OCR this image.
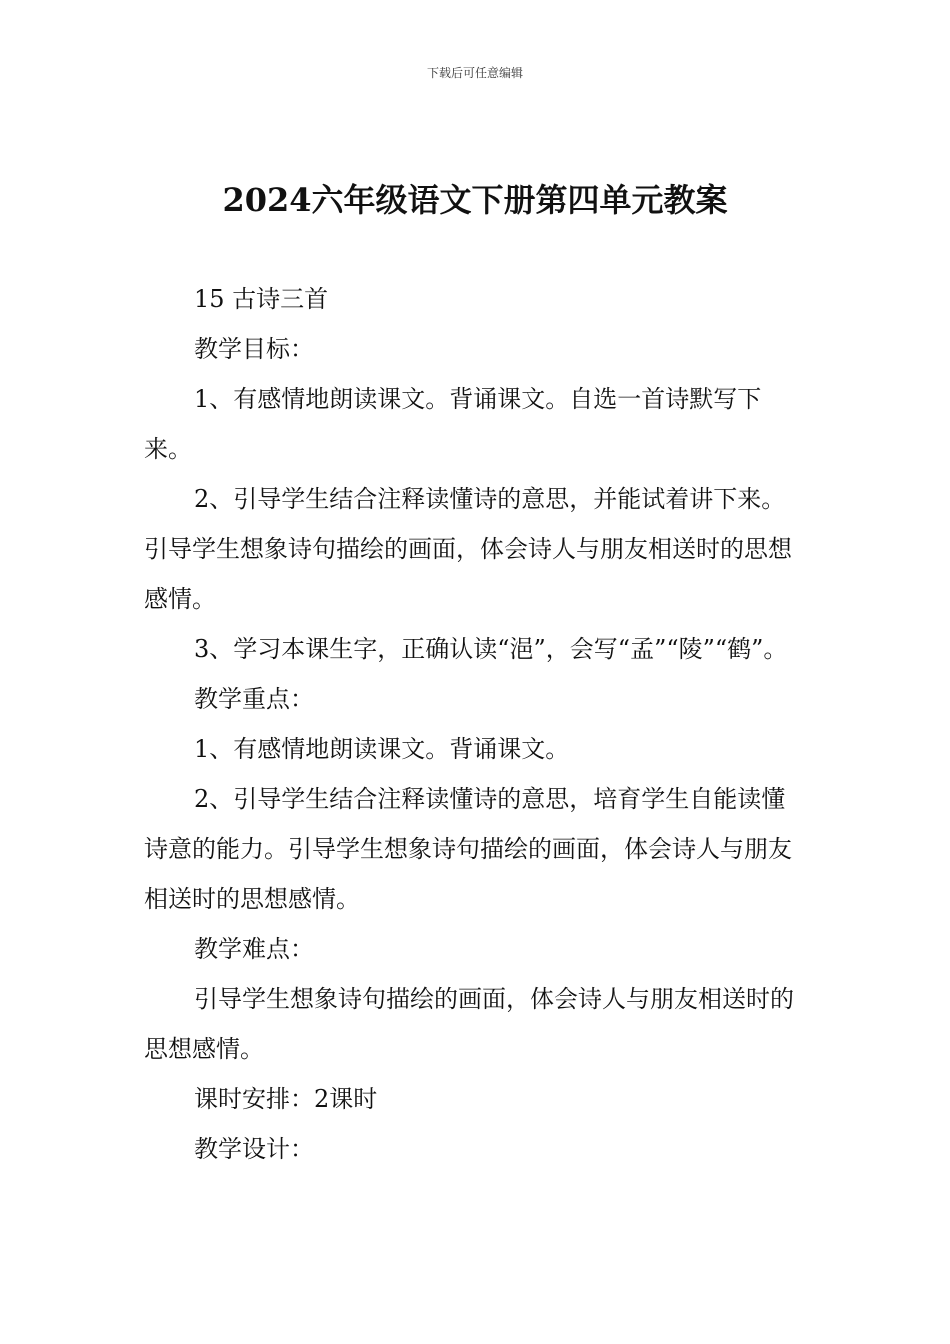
下载后可任意编辑
2024六年级语文下册第四单元教案

15 古诗三首

教学目标：

1、有感情地朗读课文。背诵课文。自选一首诗默写下来。

2、引导学生结合注释读懂诗的意思，并能试着讲下来。引导学生想象诗句描绘的画面，体会诗人与朋友相送时的思想感情。

3、学习本课生字，正确认读“浥”，会写“孟”“陵”“鹤”。

教学重点：

1、有感情地朗读课文。背诵课文。

2、引导学生结合注释读懂诗的意思，培育学生自能读懂诗意的能力。引导学生想象诗句描绘的画面，体会诗人与朋友相送时的思想感情。

教学难点：

引导学生想象诗句描绘的画面，体会诗人与朋友相送时的思想感情。

课时安排：2课时

教学设计：
